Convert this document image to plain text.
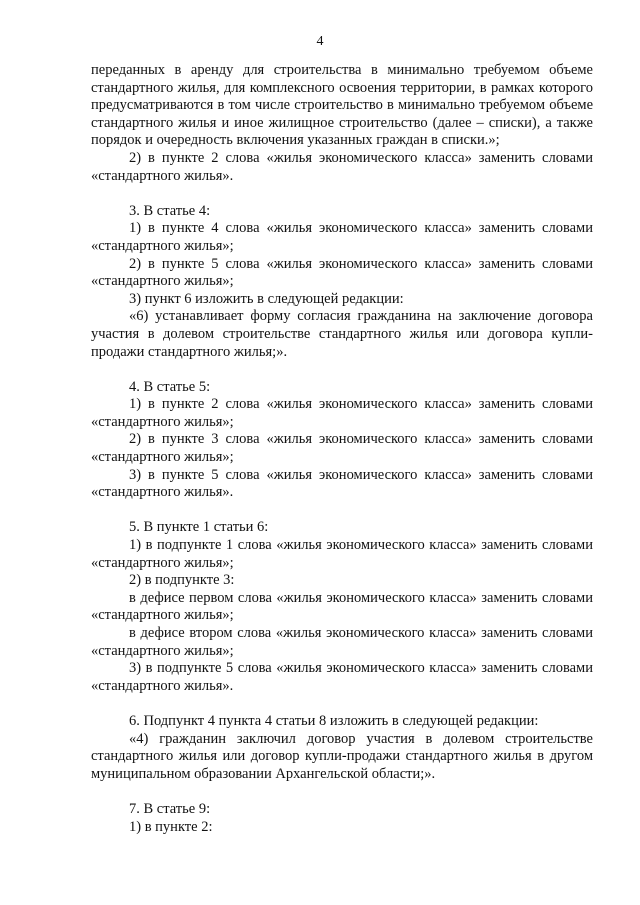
4

переданных в аренду для строительства в минимально требуемом объеме стандартного жилья, для комплексного освоения территории, в рамках которого предусматриваются в том числе строительство в минимально требуемом объеме стандартного жилья и иное жилищное строительство (далее – списки), а также порядок и очередность включения указанных граждан в списки.»;

2) в пункте 2 слова «жилья экономического класса» заменить словами «стандартного жилья».

3. В статье 4:

1) в пункте 4 слова «жилья экономического класса» заменить словами «стандартного жилья»;

2) в пункте 5 слова «жилья экономического класса» заменить словами «стандартного жилья»;

3) пункт 6 изложить в следующей редакции:

«6) устанавливает форму согласия гражданина на заключение договора участия в долевом строительстве стандартного жилья или договора купли-продажи стандартного жилья;».

4. В статье 5:

1) в пункте 2 слова «жилья экономического класса» заменить словами «стандартного жилья»;

2) в пункте 3 слова «жилья экономического класса» заменить словами «стандартного жилья»;

3) в пункте 5 слова «жилья экономического класса» заменить словами «стандартного жилья».

5. В пункте 1 статьи 6:

1) в подпункте 1 слова «жилья экономического класса» заменить словами «стандартного жилья»;

2) в подпункте 3:

в дефисе первом слова «жилья экономического класса» заменить словами «стандартного жилья»;

в дефисе втором слова «жилья экономического класса» заменить словами «стандартного жилья»;

3) в подпункте 5 слова «жилья экономического класса» заменить словами «стандартного жилья».

6. Подпункт 4 пункта 4 статьи 8 изложить в следующей редакции:

«4) гражданин заключил договор участия в долевом строительстве стандартного жилья или договор купли-продажи стандартного жилья в другом муниципальном образовании Архангельской области;».

7. В статье 9:

1) в пункте 2:
